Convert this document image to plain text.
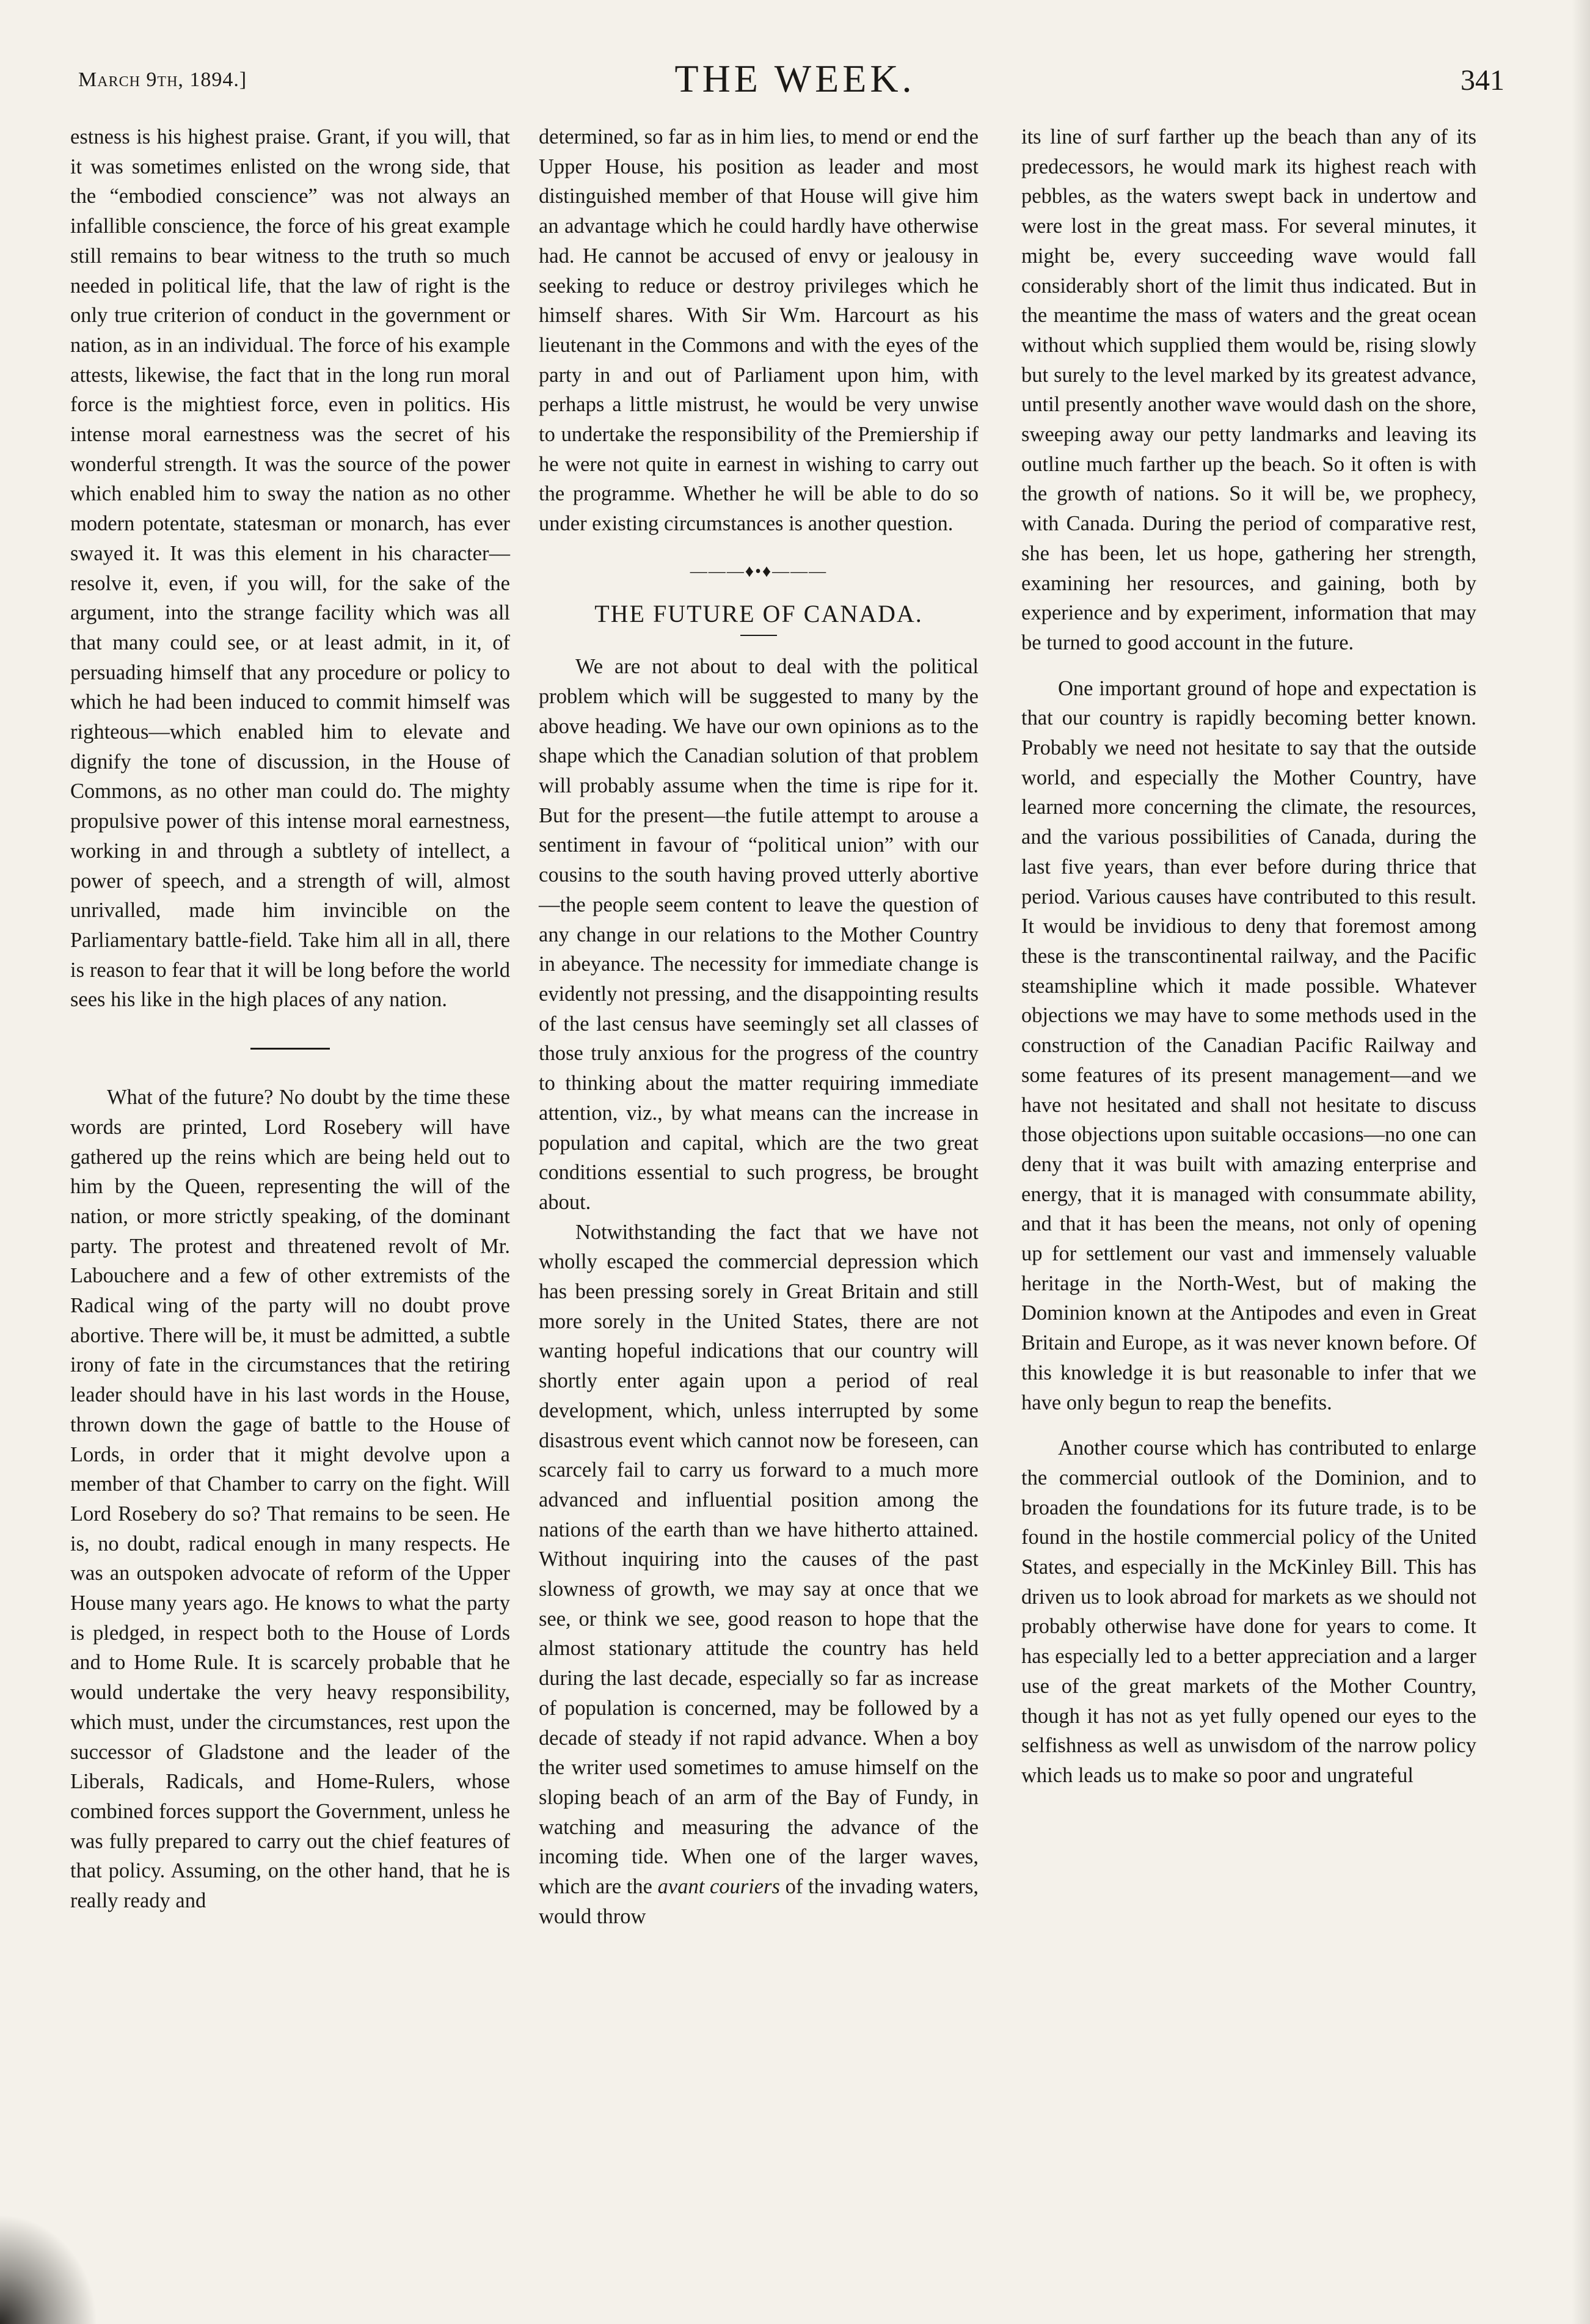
March 9th, 1894.]	THE WEEK.	341

estness is his highest praise. Grant, if you will, that it was sometimes enlisted on the wrong side, that the “embodied conscience” was not always an infallible conscience, the force of his great example still remains to bear witness to the truth so much needed in political life, that the law of right is the only true criterion of conduct in the government or nation, as in an individual. The force of his example attests, likewise, the fact that in the long run moral force is the mightiest force, even in politics. His intense moral earnestness was the secret of his wonderful strength. It was the source of the power which enabled him to sway the nation as no other modern potentate, statesman or monarch, has ever swayed it. It was this element in his character—resolve it, even, if you will, for the sake of the argument, into the strange facility which was all that many could see, or at least admit, in it, of persuading himself that any procedure or policy to which he had been induced to commit himself was righteous—which enabled him to elevate and dignify the tone of discussion, in the House of Commons, as no other man could do. The mighty propulsive power of this intense moral earnestness, working in and through a subtlety of intellect, a power of speech, and a strength of will, almost unrivalled, made him invincible on the Parliamentary battle-field. Take him all in all, there is reason to fear that it will be long before the world sees his like in the high places of any nation.

What of the future? No doubt by the time these words are printed, Lord Rosebery will have gathered up the reins which are being held out to him by the Queen, representing the will of the nation, or more strictly speaking, of the dominant party. The protest and threatened revolt of Mr. Labouchere and a few of other extremists of the Radical wing of the party will no doubt prove abortive. There will be, it must be admitted, a subtle irony of fate in the circumstances that the retiring leader should have in his last words in the House, thrown down the gage of battle to the House of Lords, in order that it might devolve upon a member of that Chamber to carry on the fight. Will Lord Rosebery do so? That remains to be seen. He is, no doubt, radical enough in many respects. He was an outspoken advocate of reform of the Upper House many years ago. He knows to what the party is pledged, in respect both to the House of Lords and to Home Rule. It is scarcely probable that he would undertake the very heavy responsibility, which must, under the circumstances, rest upon the successor of Gladstone and the leader of the Liberals, Radicals, and Home-Rulers, whose combined forces support the Government, unless he was fully prepared to carry out the chief features of that policy. Assuming, on the other hand, that he is really ready and

determined, so far as in him lies, to mend or end the Upper House, his position as leader and most distinguished member of that House will give him an advantage which he could hardly have otherwise had. He cannot be accused of envy or jealousy in seeking to reduce or destroy privileges which he himself shares. With Sir Wm. Harcourt as his lieutenant in the Commons and with the eyes of the party in and out of Parliament upon him, with perhaps a little mistrust, he would be very unwise to undertake the responsibility of the Premiership if he were not quite in earnest in wishing to carry out the programme. Whether he will be able to do so under existing circumstances is another question.

———♦•♦———
THE FUTURE OF CANADA.

We are not about to deal with the political problem which will be suggested to many by the above heading. We have our own opinions as to the shape which the Canadian solution of that problem will probably assume when the time is ripe for it. But for the present—the futile attempt to arouse a sentiment in favour of “political union” with our cousins to the south having proved utterly abortive—the people seem content to leave the question of any change in our relations to the Mother Country in abeyance. The necessity for immediate change is evidently not pressing, and the disappointing results of the last census have seemingly set all classes of those truly anxious for the progress of the country to thinking about the matter requiring immediate attention, viz., by what means can the increase in population and capital, which are the two great conditions essential to such progress, be brought about.

Notwithstanding the fact that we have not wholly escaped the commercial depression which has been pressing sorely in Great Britain and still more sorely in the United States, there are not wanting hopeful indications that our country will shortly enter again upon a period of real development, which, unless interrupted by some disastrous event which cannot now be foreseen, can scarcely fail to carry us forward to a much more advanced and influential position among the nations of the earth than we have hitherto attained. Without inquiring into the causes of the past slowness of growth, we may say at once that we see, or think we see, good reason to hope that the almost stationary attitude the country has held during the last decade, especially so far as increase of population is concerned, may be followed by a decade of steady if not rapid advance. When a boy the writer used sometimes to amuse himself on the sloping beach of an arm of the Bay of Fundy, in watching and measuring the advance of the incoming tide. When one of the larger waves, which are the avant couriers of the invading waters, would throw

its line of surf farther up the beach than any of its predecessors, he would mark its highest reach with pebbles, as the waters swept back in undertow and were lost in the great mass. For several minutes, it might be, every succeeding wave would fall considerably short of the limit thus indicated. But in the meantime the mass of waters and the great ocean without which supplied them would be, rising slowly but surely to the level marked by its greatest advance, until presently another wave would dash on the shore, sweeping away our petty landmarks and leaving its outline much farther up the beach. So it often is with the growth of nations. So it will be, we prophecy, with Canada. During the period of comparative rest, she has been, let us hope, gathering her strength, examining her resources, and gaining, both by experience and by experiment, information that may be turned to good account in the future.

One important ground of hope and expectation is that our country is rapidly becoming better known. Probably we need not hesitate to say that the outside world, and especially the Mother Country, have learned more concerning the climate, the resources, and the various possibilities of Canada, during the last five years, than ever before during thrice that period. Various causes have contributed to this result. It would be invidious to deny that foremost among these is the transcontinental railway, and the Pacific steamshipline which it made possible. Whatever objections we may have to some methods used in the construction of the Canadian Pacific Railway and some features of its present management—and we have not hesitated and shall not hesitate to discuss those objections upon suitable occasions—no one can deny that it was built with amazing enterprise and energy, that it is managed with consummate ability, and that it has been the means, not only of opening up for settlement our vast and immensely valuable heritage in the North-West, but of making the Dominion known at the Antipodes and even in Great Britain and Europe, as it was never known before. Of this knowledge it is but reasonable to infer that we have only begun to reap the benefits.

Another course which has contributed to enlarge the commercial outlook of the Dominion, and to broaden the foundations for its future trade, is to be found in the hostile commercial policy of the United States, and especially in the McKinley Bill. This has driven us to look abroad for markets as we should not probably otherwise have done for years to come. It has especially led to a better appreciation and a larger use of the great markets of the Mother Country, though it has not as yet fully opened our eyes to the selfishness as well as unwisdom of the narrow policy which leads us to make so poor and ungrateful
